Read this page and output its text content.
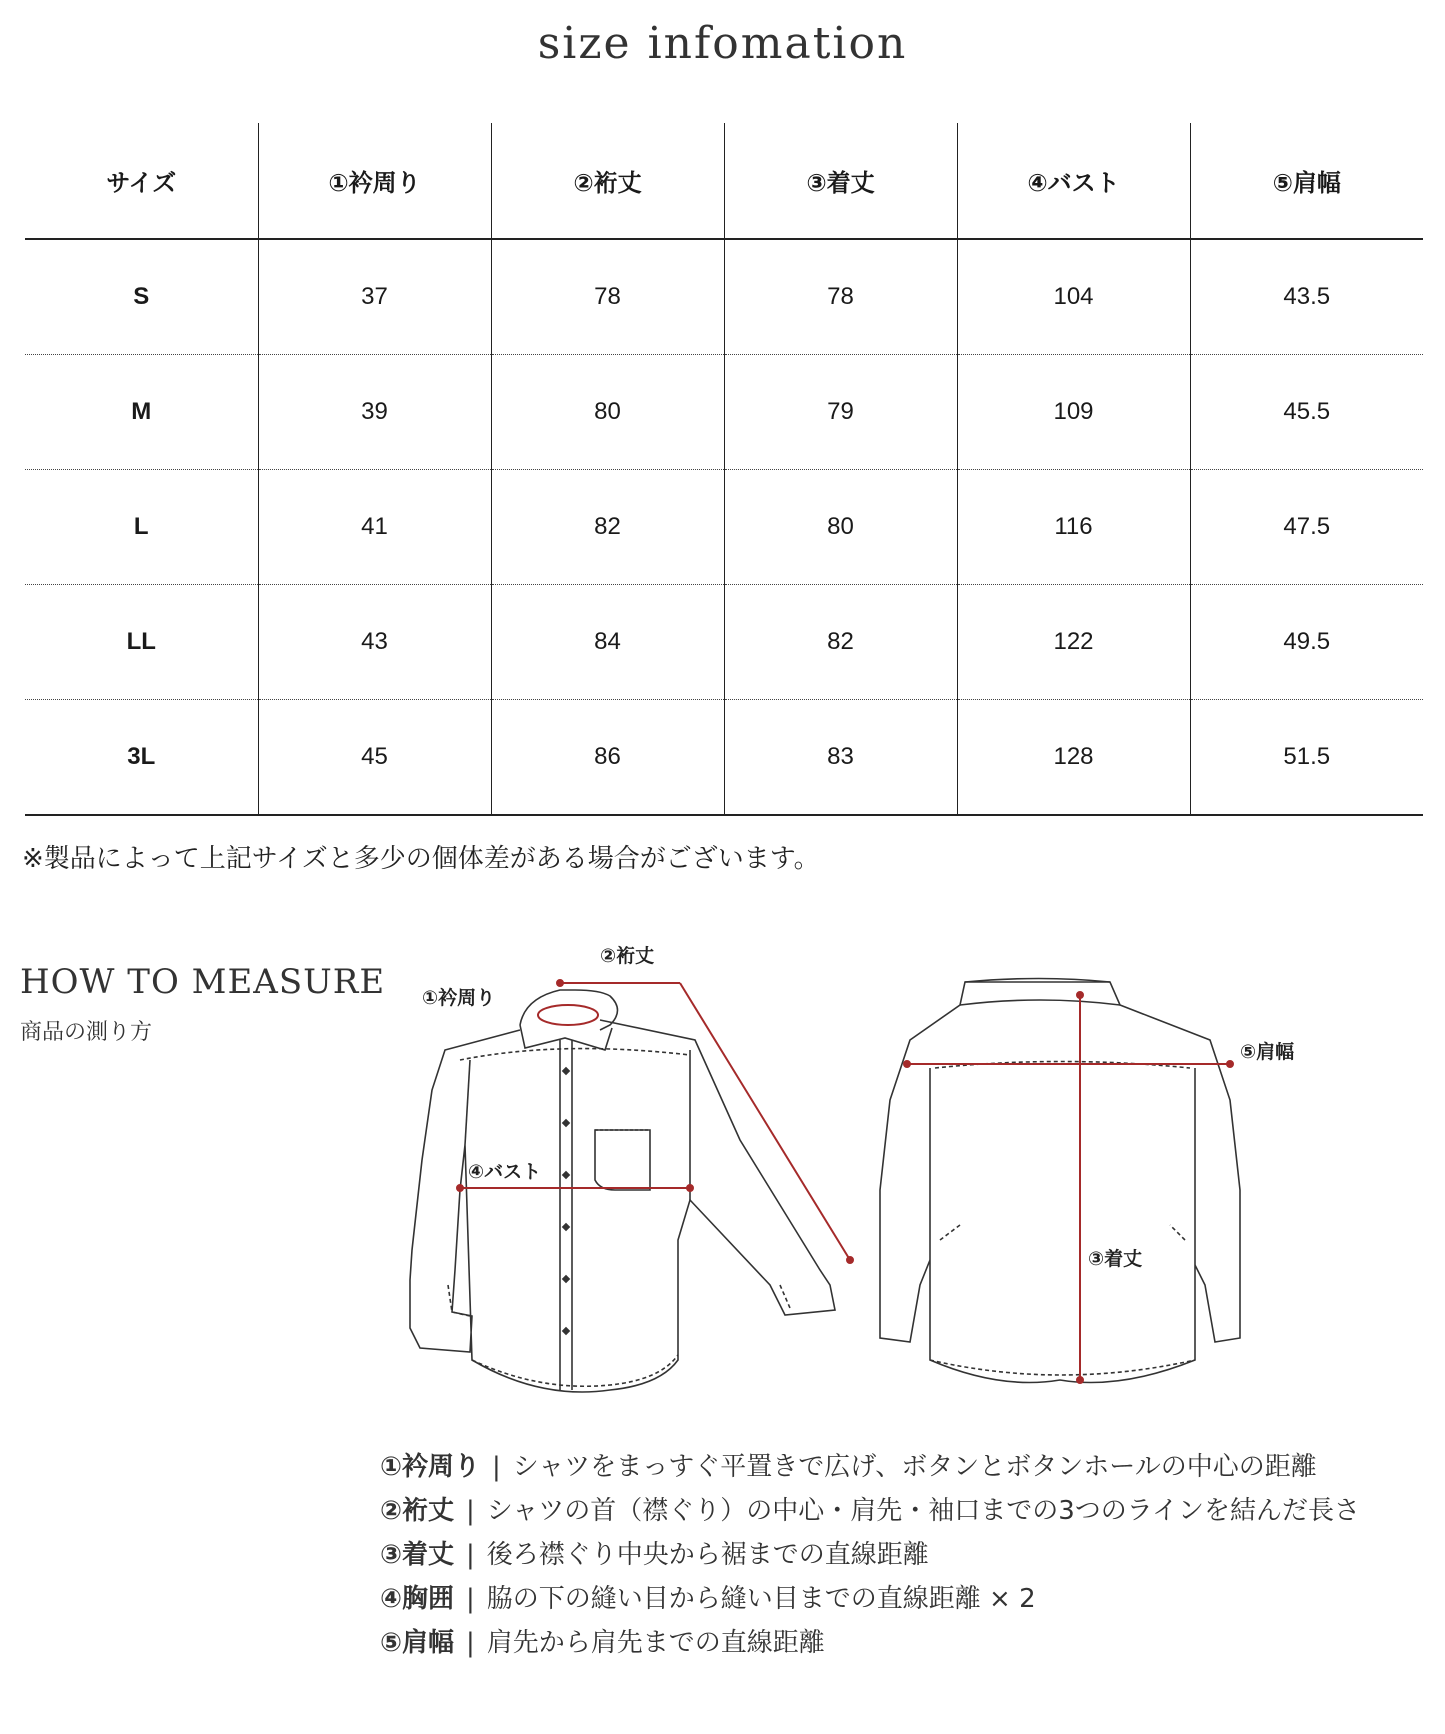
size infomation
サイズ	①衿周り	②裄丈	③着丈	④バスト	⑤肩幅
S	37	78	78	104	43.5
M	39	80	79	109	45.5
L	41	82	80	116	47.5
LL	43	84	82	122	49.5
3L	45	86	83	128	51.5
※製品によって上記サイズと多少の個体差がある場合がございます。
HOW TO MEASURE
商品の測り方
②裄丈
①衿周り
④バスト
⑤肩幅
③着丈
①衿周り | シャツをまっすぐ平置きで広げ、ボタンとボタンホールの中心の距離
②裄丈 | シャツの首（襟ぐり）の中心・肩先・袖口までの3つのラインを結んだ長さ
③着丈 | 後ろ襟ぐり中央から裾までの直線距離
④胸囲 | 脇の下の縫い目から縫い目までの直線距離 × 2
⑤肩幅 | 肩先から肩先までの直線距離
